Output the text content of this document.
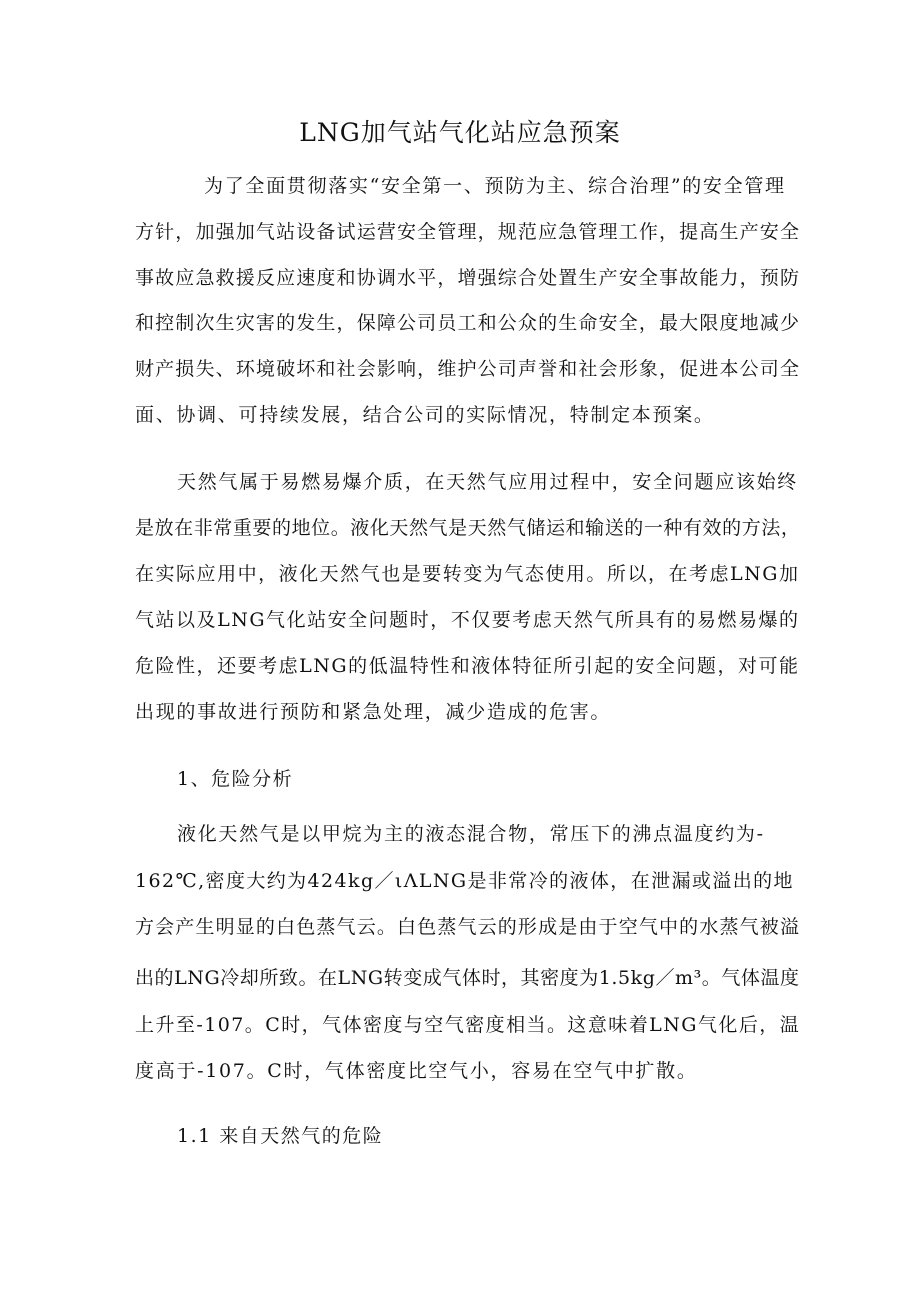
LNG加气站气化站应急预案
为了全面贯彻落实“安全第一、预防为主、综合治理”的安全管理
方针，加强加气站设备试运营安全管理，规范应急管理工作，提高生产安全
事故应急救援反应速度和协调水平，增强综合处置生产安全事故能力，预防
和控制次生灾害的发生，保障公司员工和公众的生命安全，最大限度地减少
财产损失、环境破坏和社会影响，维护公司声誉和社会形象，促进本公司全
面、协调、可持续发展，结合公司的实际情况，特制定本预案。
天然气属于易燃易爆介质，在天然气应用过程中，安全问题应该始终
是放在非常重要的地位。液化天然气是天然气储运和输送的一种有效的方法，
在实际应用中，液化天然气也是要转变为气态使用。所以，在考虑LNG加
气站以及LNG气化站安全问题时，不仅要考虑天然气所具有的易燃易爆的
危险性，还要考虑LNG的低温特性和液体特征所引起的安全问题，对可能
出现的事故进行预防和紧急处理，减少造成的危害。
1、危险分析
液化天然气是以甲烷为主的液态混合物，常压下的沸点温度约为-
162℃,密度大约为424kg／ιΛLNG是非常冷的液体，在泄漏或溢出的地
方会产生明显的白色蒸气云。白色蒸气云的形成是由于空气中的水蒸气被溢
出的LNG冷却所致。在LNG转变成气体时，其密度为1.5kg／m³。气体温度
上升至-107。C时，气体密度与空气密度相当。这意味着LNG气化后，温
度高于-107。C时，气体密度比空气小，容易在空气中扩散。
1.1 来自天然气的危险
